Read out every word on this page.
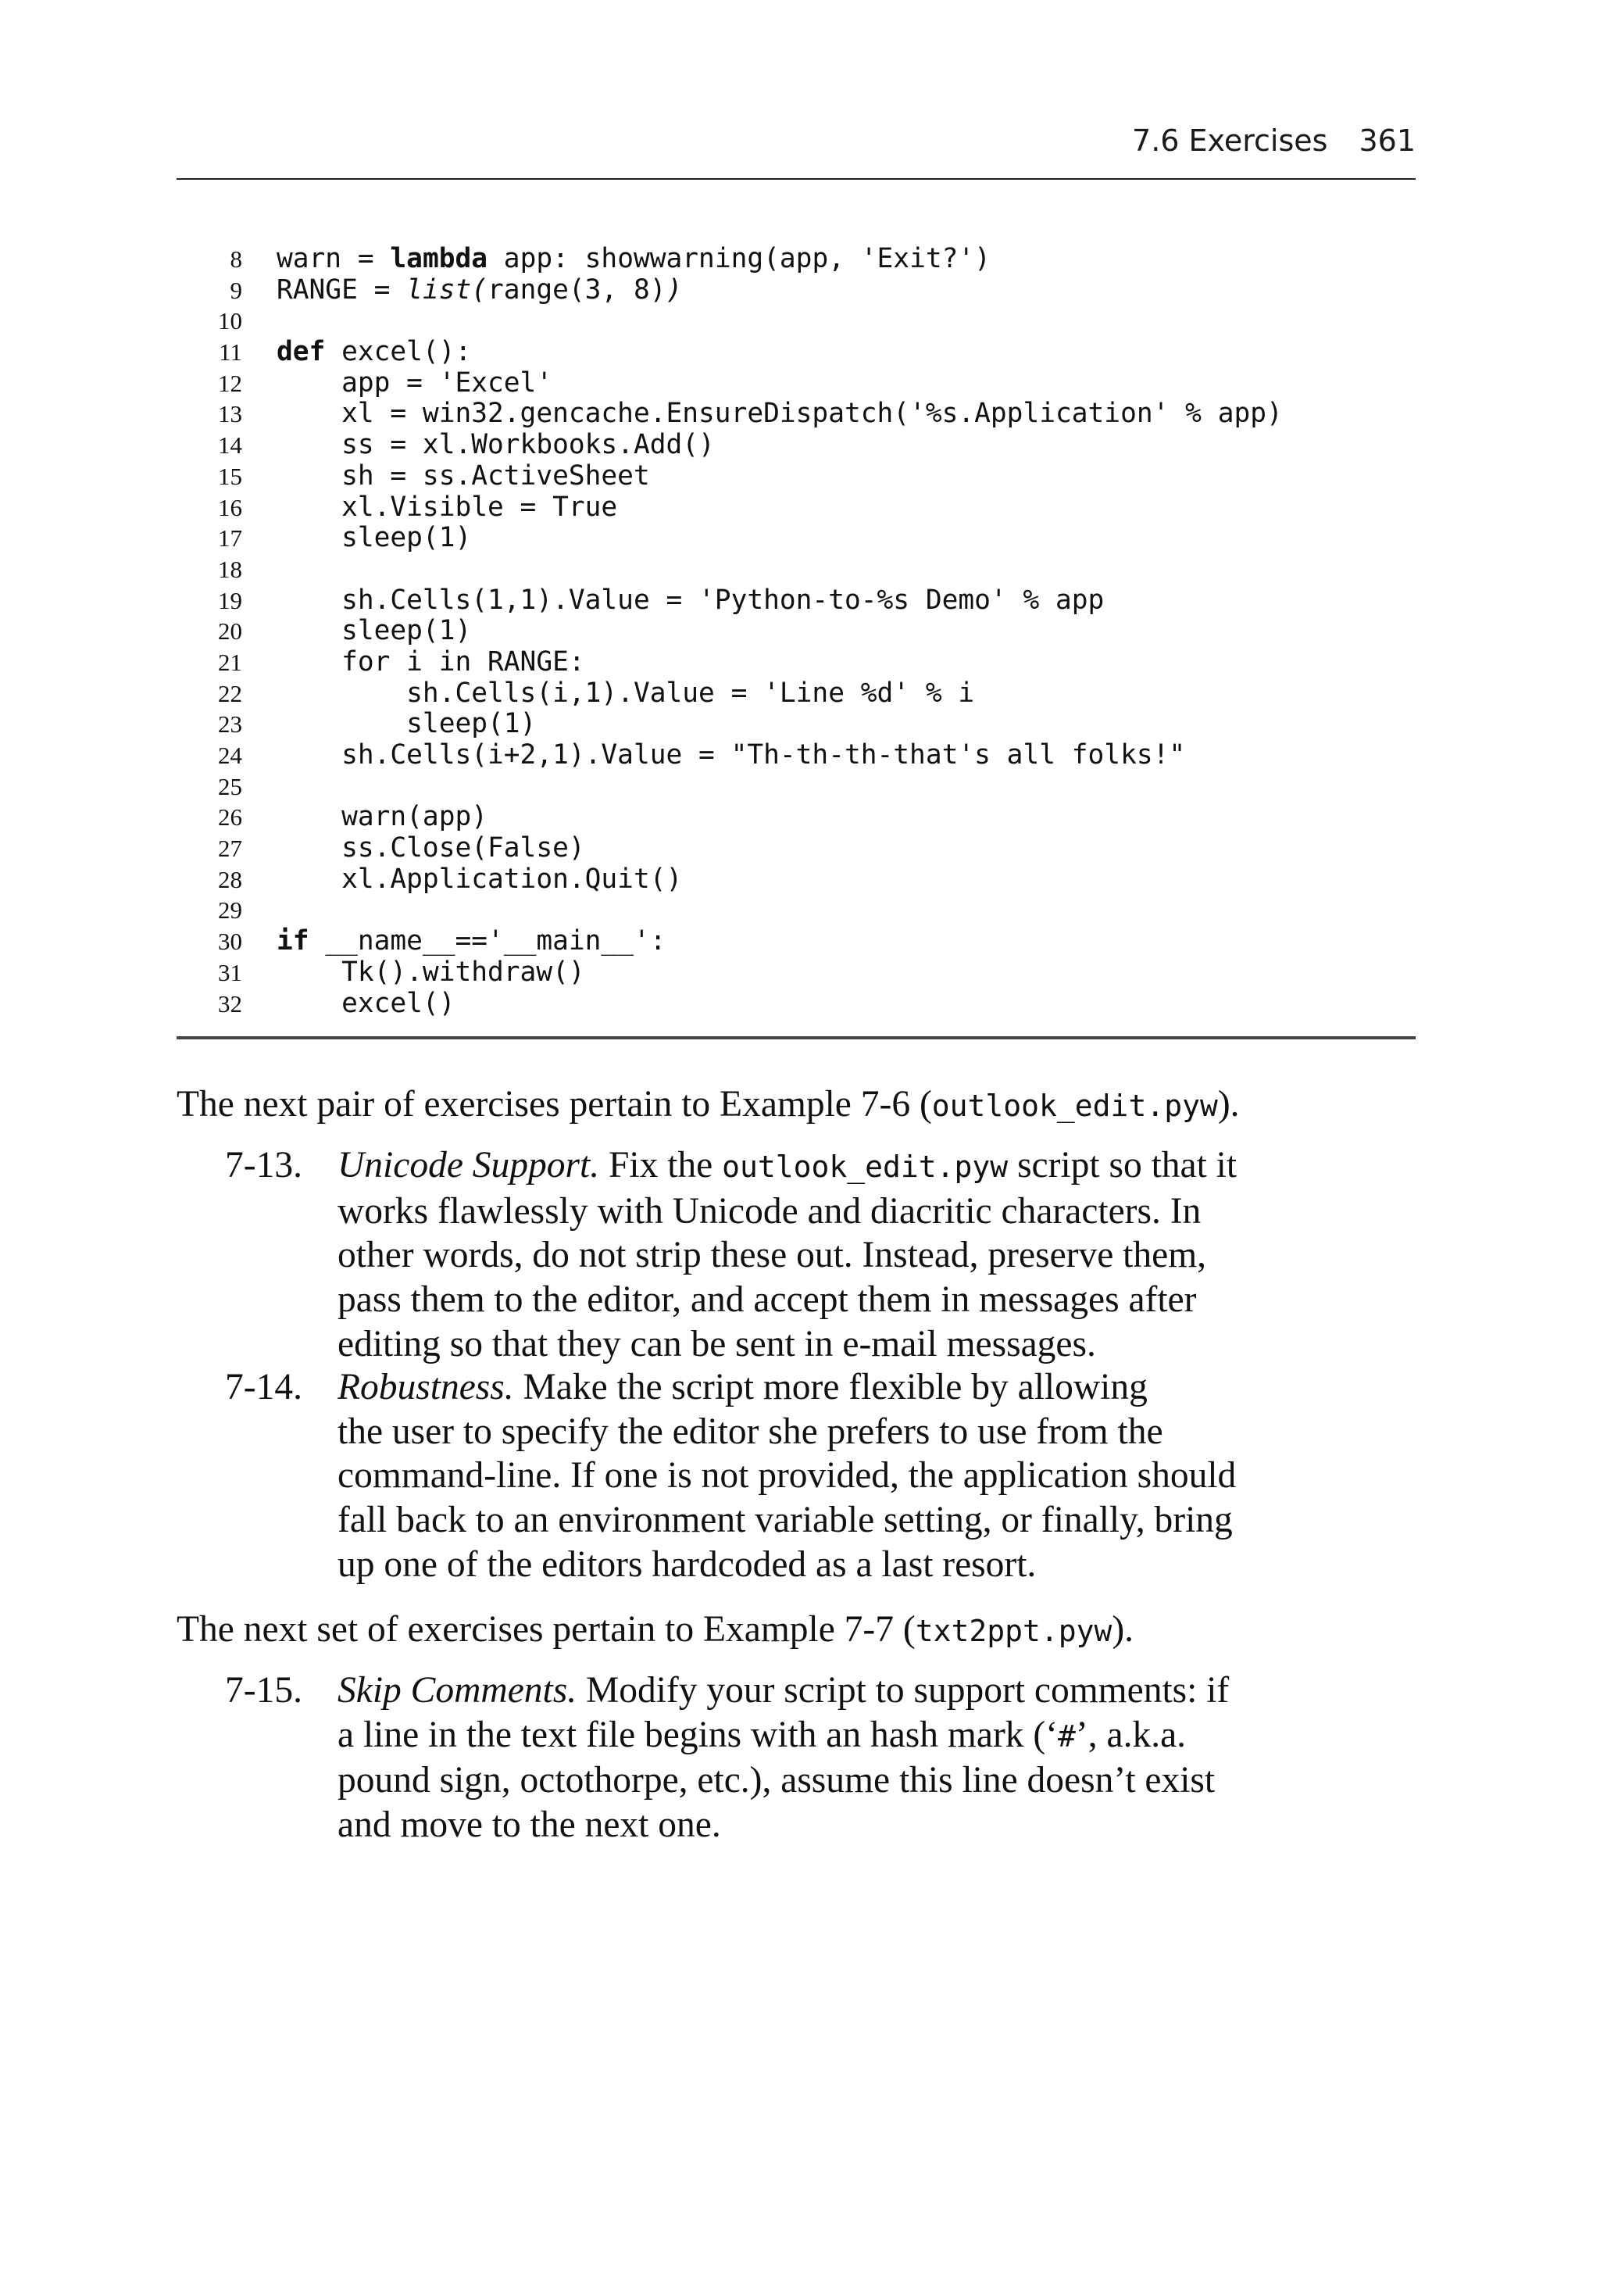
7.6 Exercises 361
8 warn = lambda app: showwarning(app, 'Exit?')
9 RANGE = list(range(3, 8))
10
11 def excel():
12 app = 'Excel'
13 xl = win32.gencache.EnsureDispatch('%s.Application' % app)
14 ss = xl.Workbooks.Add()
15 sh = ss.ActiveSheet
16 xl.Visible = True
17 sleep(1)
18
19 sh.Cells(1,1).Value = 'Python-to-%s Demo' % app
20 sleep(1)
21 for i in RANGE:
22 sh.Cells(i,1).Value = 'Line %d' % i
23 sleep(1)
24 sh.Cells(i+2,1).Value = "Th-th-th-that's all folks!"
25
26 warn(app)
27 ss.Close(False)
28 xl.Application.Quit()
29
30 if __name__=='__main__':
31 Tk().withdraw()
32 excel()
The next pair of exercises pertain to Example 7-6 (outlook_edit.pyw).
7-13. Unicode Support. Fix the outlook_edit.pyw script so that it
works flawlessly with Unicode and diacritic characters. In
other words, do not strip these out. Instead, preserve them,
pass them to the editor, and accept them in messages after
editing so that they can be sent in e-mail messages.
7-14. Robustness. Make the script more flexible by allowing
the user to specify the editor she prefers to use from the
command-line. If one is not provided, the application should
fall back to an environment variable setting, or finally, bring
up one of the editors hardcoded as a last resort.
The next set of exercises pertain to Example 7-7 (txt2ppt.pyw).
7-15. Skip Comments. Modify your script to support comments: if
a line in the text file begins with an hash mark (‘#’, a.k.a.
pound sign, octothorpe, etc.), assume this line doesn’t exist
and move to the next one.
